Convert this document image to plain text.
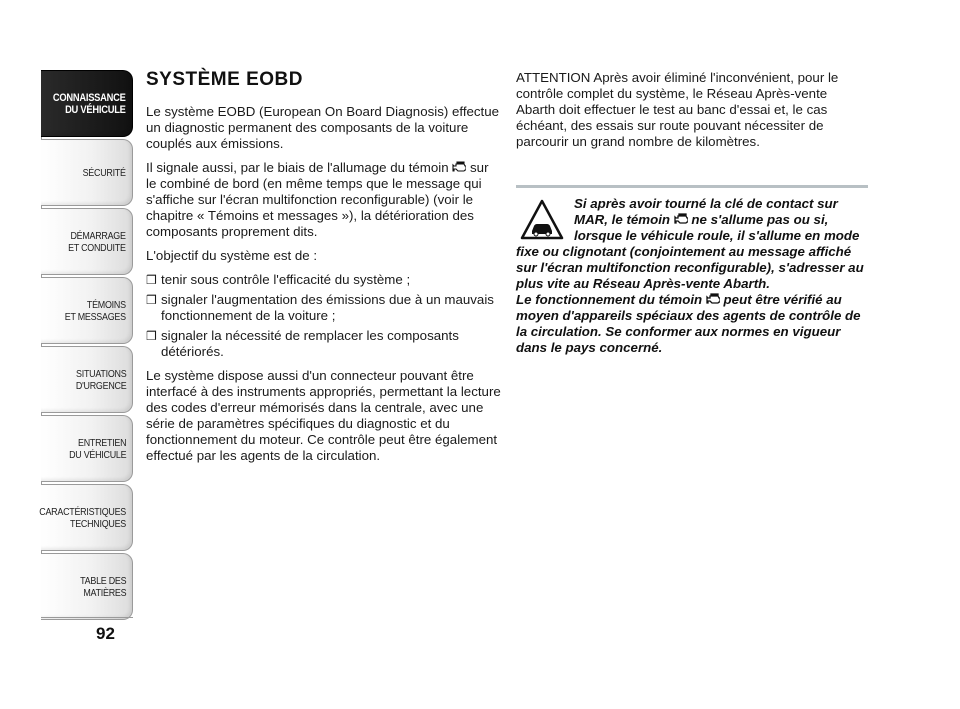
CONNAISSANCE
DU VÉHICULE
SÉCURITÉ
DÉMARRAGE
ET CONDUITE
TÉMOINS
ET MESSAGES
SITUATIONS
D'URGENCE
ENTRETIEN
DU VÉHICULE
CARACTÉRISTIQUES
TECHNIQUES
TABLE DES
MATIÈRES
92
SYSTÈME EOBD

Le système EOBD (European On Board Diagnosis) effectue un diagnostic permanent des composants de la voiture couplés aux émissions.

Il signale aussi, par le biais de l'allumage du témoin  sur le combiné de bord (en même temps que le message qui s'affiche sur l'écran multifonction reconfigurable) (voir le chapitre « Témoins et messages »), la détérioration des composants proprement dits.

L'objectif du système est de :

❒ tenir sous contrôle l'efficacité du système ;
❒ signaler l'augmentation des émissions due à un mauvais fonctionnement de la voiture ;
❒ signaler la nécessité de remplacer les composants détériorés.

Le système dispose aussi d'un connecteur pouvant être interfacé à des instruments appropriés, permettant la lecture des codes d'erreur mémorisés dans la centrale, avec une série de paramètres spécifiques du diagnostic et du fonctionnement du moteur. Ce contrôle peut être également effectué par les agents de la circulation.

ATTENTION Après avoir éliminé l'inconvénient, pour le contrôle complet du système, le Réseau Après-vente Abarth doit effectuer le test au banc d'essai et, le cas échéant, des essais sur route pouvant nécessiter de parcourir un grand nombre de kilomètres.

Si après avoir tourné la clé de contact sur MAR, le témoin  ne s'allume pas ou si, lorsque le véhicule roule, il s'allume en mode fixe ou clignotant (conjointement au message affiché sur l'écran multifonction reconfigurable), s'adresser au plus vite au Réseau Après-vente Abarth.

Le fonctionnement du témoin  peut être vérifié au moyen d'appareils spéciaux des agents de contrôle de la circulation. Se conformer aux normes en vigueur dans le pays concerné.
